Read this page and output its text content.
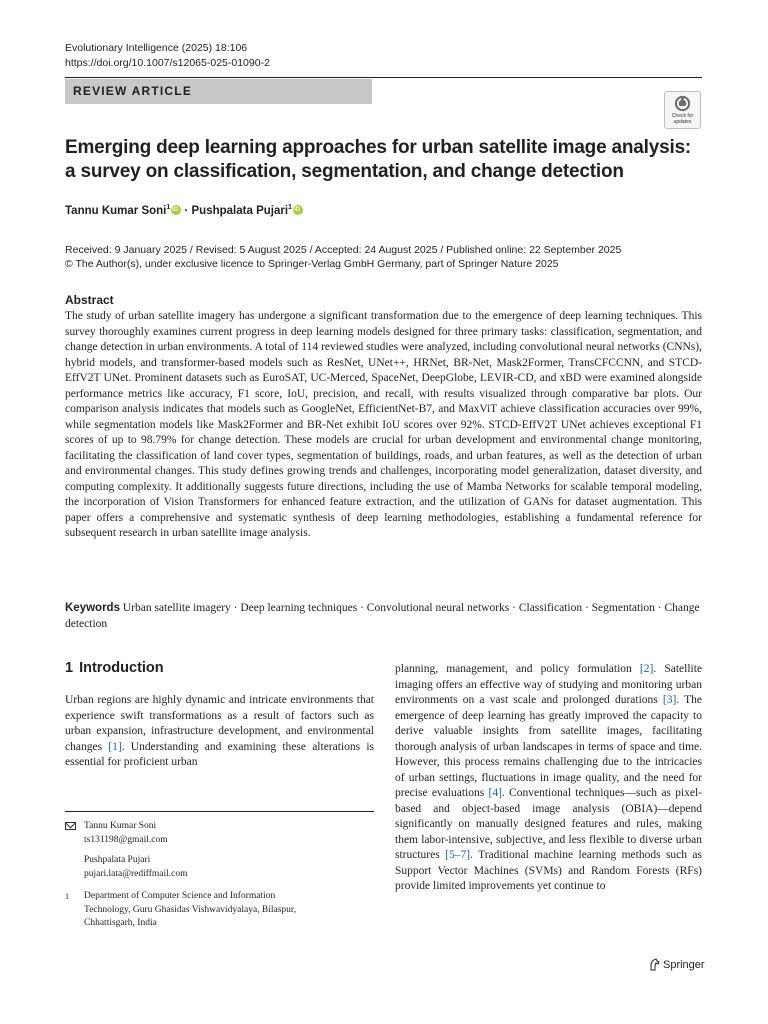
Evolutionary Intelligence (2025) 18:106
https://doi.org/10.1007/s12065-025-01090-2
REVIEW ARTICLE
Check for
updates
Emerging deep learning approaches for urban satellite image analysis:
a survey on classification, segmentation, and change detection
Tannu Kumar Soni$^1$iD · Pushpalata Pujari$^1$iD
Received: 9 January 2025 / Revised: 5 August 2025 / Accepted: 24 August 2025 / Published online: 22 September 2025
© The Author(s), under exclusive licence to Springer-Verlag GmbH Germany, part of Springer Nature 2025
Abstract

The study of urban satellite imagery has undergone a significant transformation due to the emergence of deep learning techniques. This survey thoroughly examines current progress in deep learning models designed for three primary tasks: classification, segmentation, and change detection in urban environments. A total of 114 reviewed studies were analyzed, including convolutional neural networks (CNNs), hybrid models, and transformer-based models such as ResNet, UNet++, HRNet, BR-Net, Mask2Former, TransCFCCNN, and STCD-EffV2T UNet. Prominent datasets such as EuroSAT, UC-Merced, SpaceNet, DeepGlobe, LEVIR-CD, and xBD were examined alongside performance metrics like accuracy, F1 score, IoU, precision, and recall, with results visualized through comparative bar plots. Our comparison analysis indicates that models such as GoogleNet, EfficientNet-B7, and MaxViT achieve classification accuracies over 99%, while segmentation models like Mask2Former and BR-Net exhibit IoU scores over 92%. STCD-EffV2T UNet achieves exceptional F1 scores of up to 98.79% for change detection. These models are crucial for urban development and environmental change monitoring, facilitating the classification of land cover types, segmentation of buildings, roads, and urban features, as well as the detection of urban and environmental changes. This study defines growing trends and challenges, incorporating model generalization, dataset diversity, and computing complexity. It additionally suggests future directions, including the use of Mamba Networks for scalable temporal modeling, the incorporation of Vision Transformers for enhanced feature extraction, and the utilization of GANs for dataset augmentation. This paper offers a comprehensive and systematic synthesis of deep learning methodologies, establishing a fundamental reference for subsequent research in urban satellite image analysis.

Keywords Urban satellite imagery · Deep learning techniques · Convolutional neural networks · Classification · Segmentation · Change detection

1 Introduction

Urban regions are highly dynamic and intricate environments that experience swift transformations as a result of factors such as urban expansion, infrastructure development, and environmental changes [1]. Understanding and examining these alterations is essential for proficient urban

planning, management, and policy formulation [2]. Satellite imaging offers an effective way of studying and monitoring urban environments on a vast scale and prolonged durations [3]. The emergence of deep learning has greatly improved the capacity to derive valuable insights from satellite images, facilitating thorough analysis of urban landscapes in terms of space and time. However, this process remains challenging due to the intricacies of urban settings, fluctuations in image quality, and the need for precise evaluations [4]. Conventional techniques—such as pixel-based and object-based image analysis (OBIA)—depend significantly on manually designed features and rules, making them labor-intensive, subjective, and less flexible to diverse urban structures [5–7]. Traditional machine learning methods such as Support Vector Machines (SVMs) and Random Forests (RFs) provide limited improvements yet continue to

Tannu Kumar Soni
ts131198@gmail.com
Pushpalata Pujari
pujari.lata@rediffmail.com
1 Department of Computer Science and Information
Technology, Guru Ghasidas Vishwavidyalaya, Bilaspur,
Chhattisgarh, India
Springer
